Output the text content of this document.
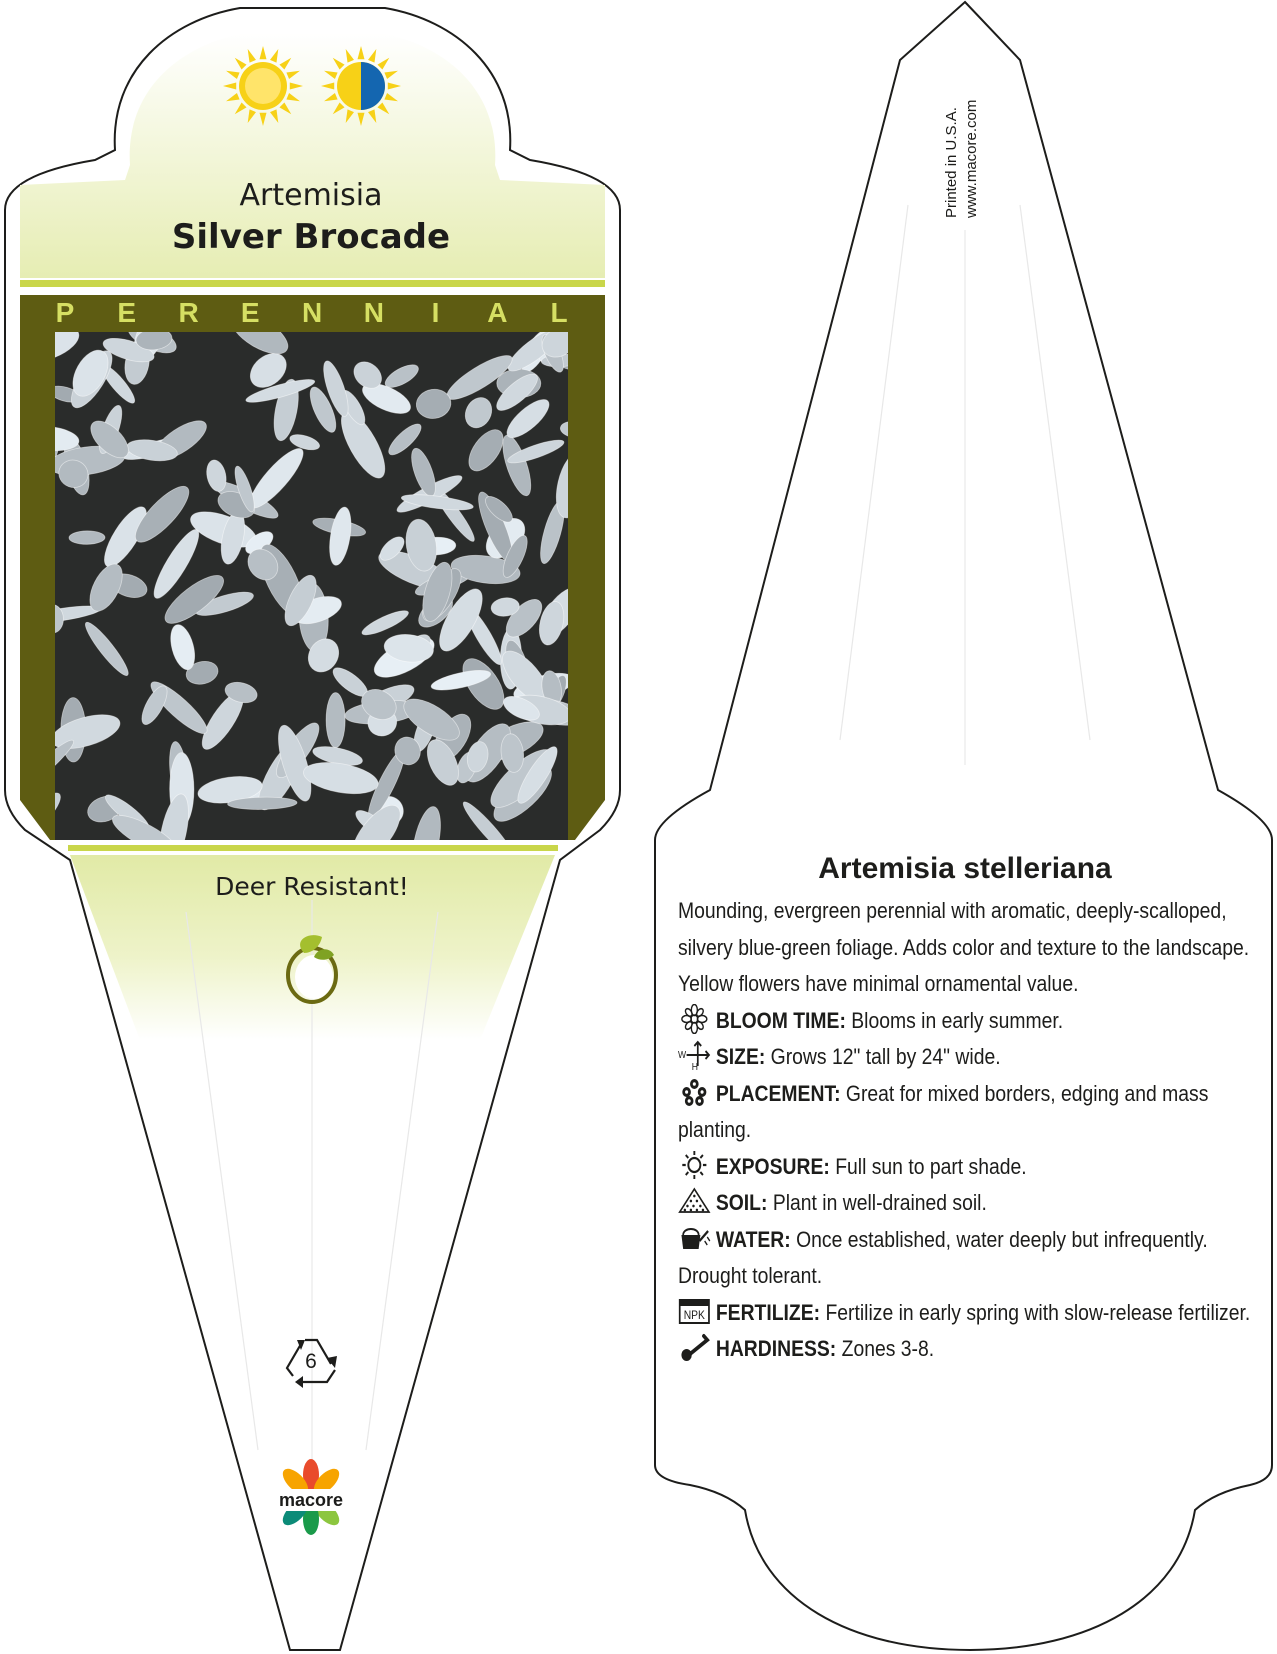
Artemisia
Silver Brocade
P E R E N N I A L
Deer Resistant!
6
macore
Printed in U.S.A. www.macore.com
Artemisia stelleriana

Mounding, evergreen perennial with aromatic, deeply-scalloped, silvery blue-green foliage. Adds color and texture to the landscape. Yellow flowers have minimal ornamental value.

BLOOM TIME: Blooms in early summer.

W
H SIZE: Grows 12" tall by 24" wide.

PLACEMENT: Great for mixed borders, edging and mass planting.

EXPOSURE: Full sun to part shade.

SOIL: Plant in well-drained soil.

WATER: Once established, water deeply but infrequently. Drought tolerant.

NPK FERTILIZE: Fertilize in early spring with slow-release fertilizer.

HARDINESS: Zones 3-8.
